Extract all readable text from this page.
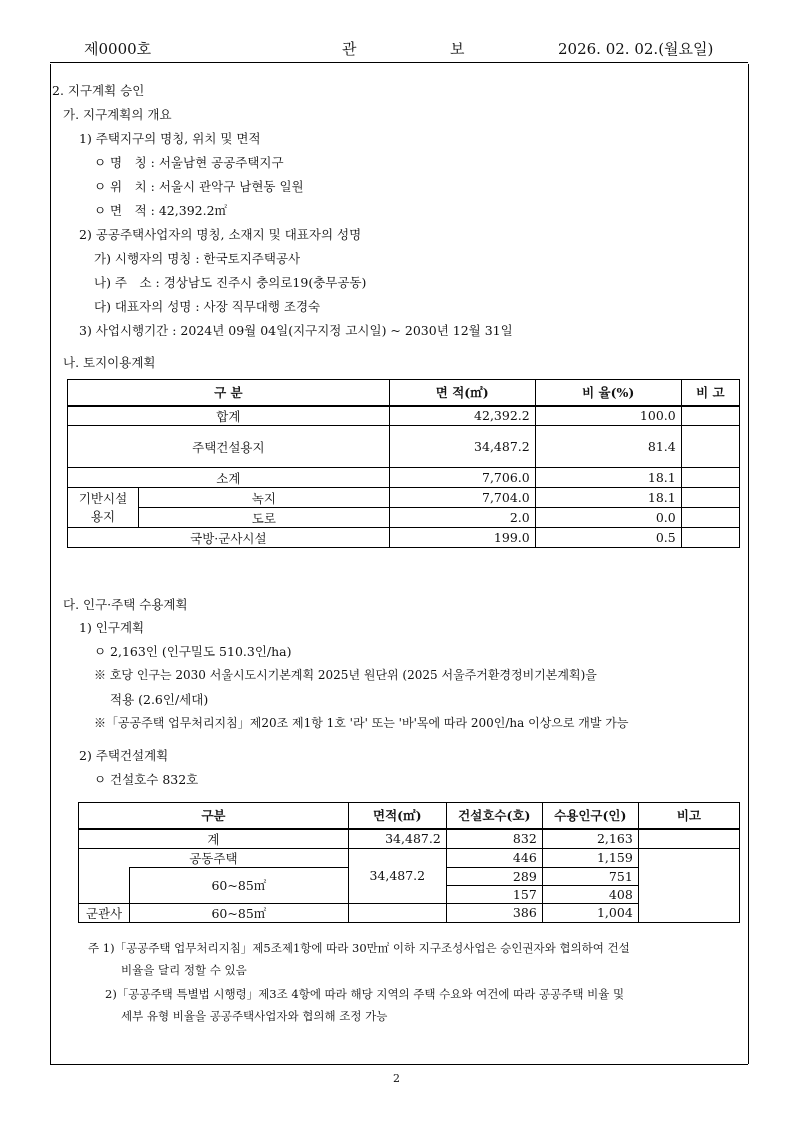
제0000호	관	보	2026. 02. 02.(월요일)
2. 지구계획 승인
가. 지구계획의 개요
1) 주택지구의 명칭, 위치 및 면적
ㅇ 명　칭 : 서울남현 공공주택지구
ㅇ 위　치 : 서울시 관악구 남현동 일원
ㅇ 면　적 : 42,392.2㎡
2) 공공주택사업자의 명칭, 소재지 및 대표자의 성명
가) 시행자의 명칭 : 한국토지주택공사
나) 주　소 : 경상남도 진주시 충의로19(충무공동)
다) 대표자의 성명 : 사장 직무대행 조경숙
3) 사업시행기간 : 2024년 09월 04일(지구지정 고시일) ~ 2030년 12월 31일
나. 토지이용계획
구 분		면 적(㎡)	비 율(%)	비 고
합계		42,392.2	100.0	
주택건설용지		34,487.2	81.4	
소계		7,706.0	18.1	
기반시설 용지	녹지	7,704.0	18.1	
	도로	2.0	0.0	
국방·군사시설		199.0	0.5	
다. 인구·주택 수용계획
1) 인구계획
ㅇ 2,163인 (인구밀도 510.3인/ha)
※ 호당 인구는 2030 서울시도시기본계획 2025년 원단위 (2025 서울주거환경정비기본계획)을
적용 (2.6인/세대)
※「공공주택 업무처리지침」제20조 제1항 1호 '라' 또는 '바'목에 따라 200인/ha 이상으로 개발 가능
2) 주택건설계획
ㅇ 건설호수 832호
구분		면적(㎡)	건설호수(호)	수용인구(인)	비고
계		34,487.2	832	2,163	
공동주택		34,487.2	446	1,159	
	60~85㎡		289	751	
			157	408	
군관사	60~85㎡		386	1,004	
주 1)「공공주택 업무처리지침」제5조제1항에 따라 30만㎡ 이하 지구조성사업은 승인권자와 협의하여 건설
비율을 달리 정할 수 있음
2)「공공주택 특별법 시행령」제3조 4항에 따라 해당 지역의 주택 수요와 여건에 따라 공공주택 비율 및
세부 유형 비율을 공공주택사업자와 협의해 조정 가능
2
